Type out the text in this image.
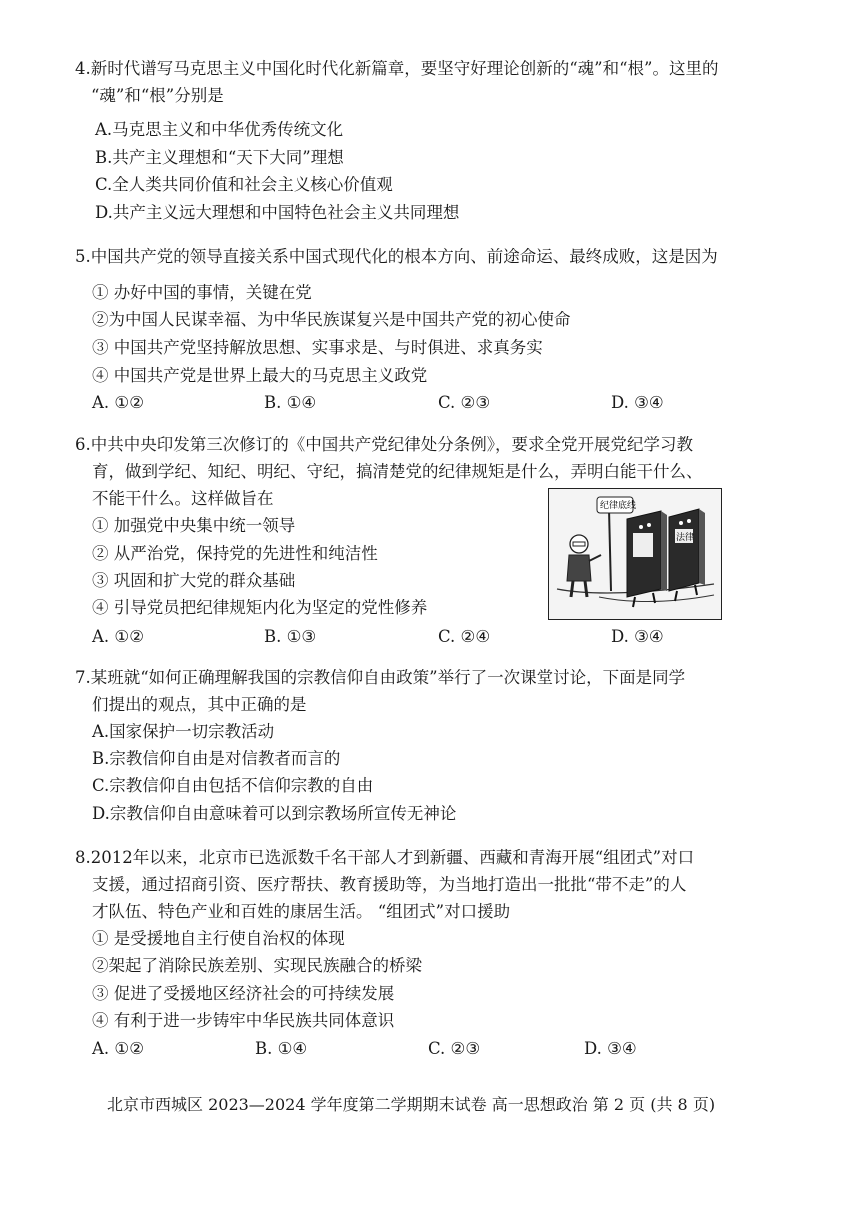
4.新时代谱写马克思主义中国化时代化新篇章，要坚守好理论创新的“魂”和“根”。这里的
“魂”和“根”分别是
A.马克思主义和中华优秀传统文化
B.共产主义理想和“天下大同”理想
C.全人类共同价值和社会主义核心价值观
D.共产主义远大理想和中国特色社会主义共同理想
5.中国共产党的领导直接关系中国式现代化的根本方向、前途命运、最终成败，这是因为
① 办好中国的事情，关键在党
②为中国人民谋幸福、为中华民族谋复兴是中国共产党的初心使命
③ 中国共产党坚持解放思想、实事求是、与时俱进、求真务实
④ 中国共产党是世界上最大的马克思主义政党
A. ①②	B. ①④	C. ②③	D. ③④
6.中共中央印发第三次修订的《中国共产党纪律处分条例》，要求全党开展党纪学习教
育，做到学纪、知纪、明纪、守纪，搞清楚党的纪律规矩是什么，弄明白能干什么、
不能干什么。这样做旨在
① 加强党中央集中统一领导
② 从严治党，保持党的先进性和纯洁性
③ 巩固和扩大党的群众基础
④ 引导党员把纪律规矩内化为坚定的党性修养
A. ①②	B. ①③	C. ②④	D. ③④
纪律底线
法律
7.某班就“如何正确理解我国的宗教信仰自由政策”举行了一次课堂讨论，下面是同学
们提出的观点，其中正确的是
A.国家保护一切宗教活动
B.宗教信仰自由是对信教者而言的
C.宗教信仰自由包括不信仰宗教的自由
D.宗教信仰自由意味着可以到宗教场所宣传无神论
8.2012年以来，北京市已选派数千名干部人才到新疆、西藏和青海开展“组团式”对口
支援，通过招商引资、医疗帮扶、教育援助等，为当地打造出一批批“带不走”的人
才队伍、特色产业和百姓的康居生活。 “组团式”对口援助
① 是受援地自主行使自治权的体现
②架起了消除民族差别、实现民族融合的桥梁
③ 促进了受援地区经济社会的可持续发展
④ 有利于进一步铸牢中华民族共同体意识
A. ①②	B. ①④	C. ②③	D. ③④
北京市西城区 2023—2024 学年度第二学期期末试卷 高一思想政治 第 2 页 (共 8 页)
